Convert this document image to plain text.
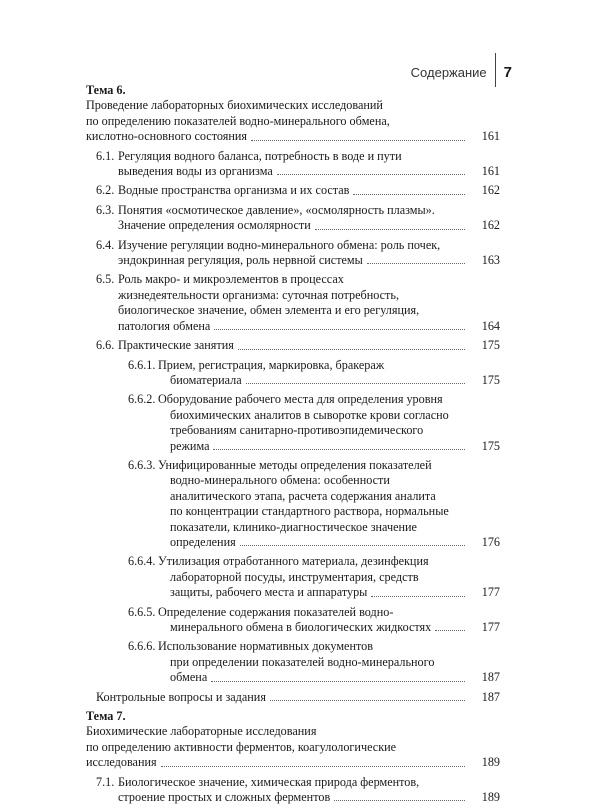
Содержание 7
Тема 6.
Проведение лабораторных биохимических исследований
по определению показателей водно-минерального обмена,
кислотно-основного состояния	161
6.1. Регуляция водного баланса, потребность в воде и пути
выведения воды из организма	161
6.2. Водные пространства организма и их состав	162
6.3. Понятия «осмотическое давление», «осмолярность плазмы».
Значение определения осмолярности	162
6.4. Изучение регуляции водно-минерального обмена: роль почек,
эндокринная регуляция, роль нервной системы	163
6.5. Роль макро- и микроэлементов в процессах
жизнедеятельности организма: суточная потребность,
биологическое значение, обмен элемента и его регуляция,
патология обмена	164
6.6. Практические занятия	175
6.6.1. Прием, регистрация, маркировка, бракераж
биоматериала	175
6.6.2. Оборудование рабочего места для определения уровня
биохимических аналитов в сыворотке крови согласно
требованиям санитарно-противоэпидемического
режима	175
6.6.3. Унифицированные методы определения показателей
водно-минерального обмена: особенности
аналитического этапа, расчета содержания аналита
по концентрации стандартного раствора, нормальные
показатели, клинико-диагностическое значение
определения	176
6.6.4. Утилизация отработанного материала, дезинфекция
лабораторной посуды, инструментария, средств
защиты, рабочего места и аппаратуры	177
6.6.5. Определение содержания показателей водно-
минерального обмена в биологических жидкостях	177
6.6.6. Использование нормативных документов
при определении показателей водно-минерального
обмена	187
Контрольные вопросы и задания	187
Тема 7.
Биохимические лабораторные исследования
по определению активности ферментов, коагулологические
исследования	189
7.1. Биологическое значение, химическая природа ферментов,
строение простых и сложных ферментов	189
